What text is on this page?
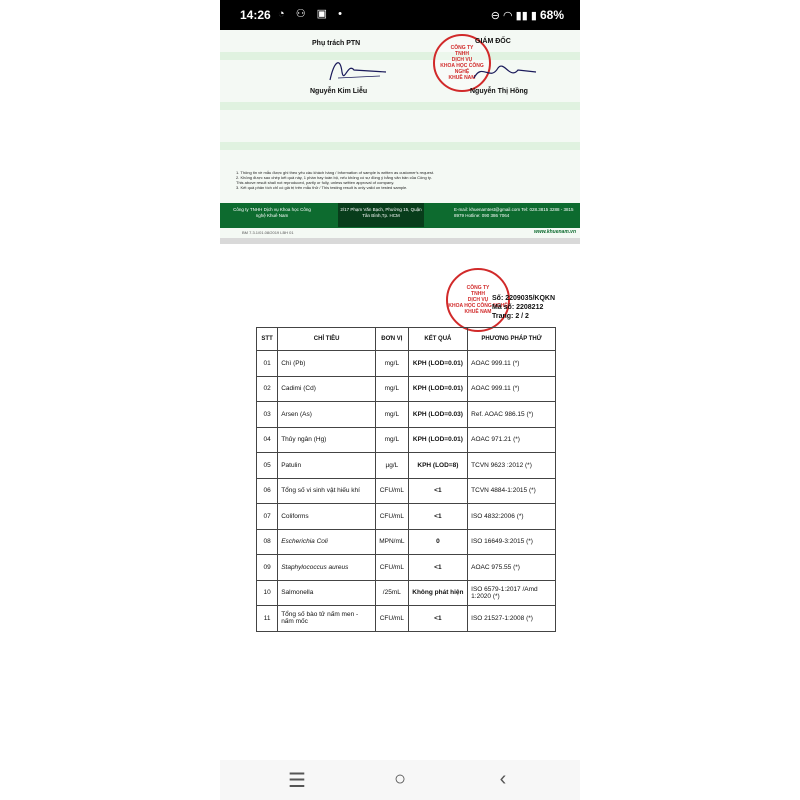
14:26 ◔ ⚇ ▣ •	⊖ ◠ ▮▮ ▮ 68%
Phụ trách PTN
Nguyễn Kim Liễu
CÔNG TY
TNHH
DỊCH VỤ
KHOA HỌC CÔNG NGHỆ
KHUÊ NAM
GIÁM ĐỐC
Nguyễn Thị Hồng
1. Thông tin về mẫu được ghi theo yêu cầu khách hàng / Information of sample is written as customer's request.
2. Không được sao chép kết quả này, 1 phần hay toàn bộ, nếu không có sự đồng ý bằng văn bản của Công ty.
This above result shall not reproduced, partly or fully, unless written approval of company.
3. Kết quả phân tích chỉ có giá trị trên mẫu thử / This testing result is only valid on tested sample.
Công ty TNHH Dịch vụ Khoa học Công nghệ Khuê Nam
2/17 Phạm Văn Bạch, Phường 15, Quận Tân Bình,Tp. HCM
E-mail: khuenamtest@gmail.com Tel: 028.3815 3288 - 3815 8979 Hotline: 090 386 7064
BM 7.3.1/01.08/2019 LBH 01	www.khuenam.vn
CÔNG TY
TNHH
DỊCH VỤ
KHOA HỌC CÔNG NGHỆ
KHUÊ NAM
Số: 2209035/KQKN
Mã số: 2208212
Trang: 2 / 2
STT	CHỈ TIÊU	ĐƠN VỊ	KẾT QUẢ	PHƯƠNG PHÁP THỬ
01	Chì (Pb)	mg/L	KPH (LOD=0.01)	AOAC 999.11 (*)
02	Cadimi (Cd)	mg/L	KPH (LOD=0.01)	AOAC 999.11 (*)
03	Arsen (As)	mg/L	KPH (LOD=0.03)	Ref. AOAC 986.15 (*)
04	Thủy ngân (Hg)	mg/L	KPH (LOD=0.01)	AOAC 971.21 (*)
05	Patulin	µg/L	KPH (LOD=8)	TCVN 9623 :2012 (*)
06	Tổng số vi sinh vật hiếu khí	CFU/mL	<1	TCVN 4884-1:2015 (*)
07	Coliforms	CFU/mL	<1	ISO 4832:2006 (*)
08	Escherichia Coli	MPN/mL	0	ISO 16649-3:2015 (*)
09	Staphylococcus aureus	CFU/mL	<1	AOAC 975.55 (*)
10	Salmonella	/25mL	Không phát hiện	ISO 6579-1:2017 /Amd 1:2020 (*)
11	Tổng số bào tử nấm men - nấm mốc	CFU/mL	<1	ISO 21527-1:2008 (*)
☰	○	‹
